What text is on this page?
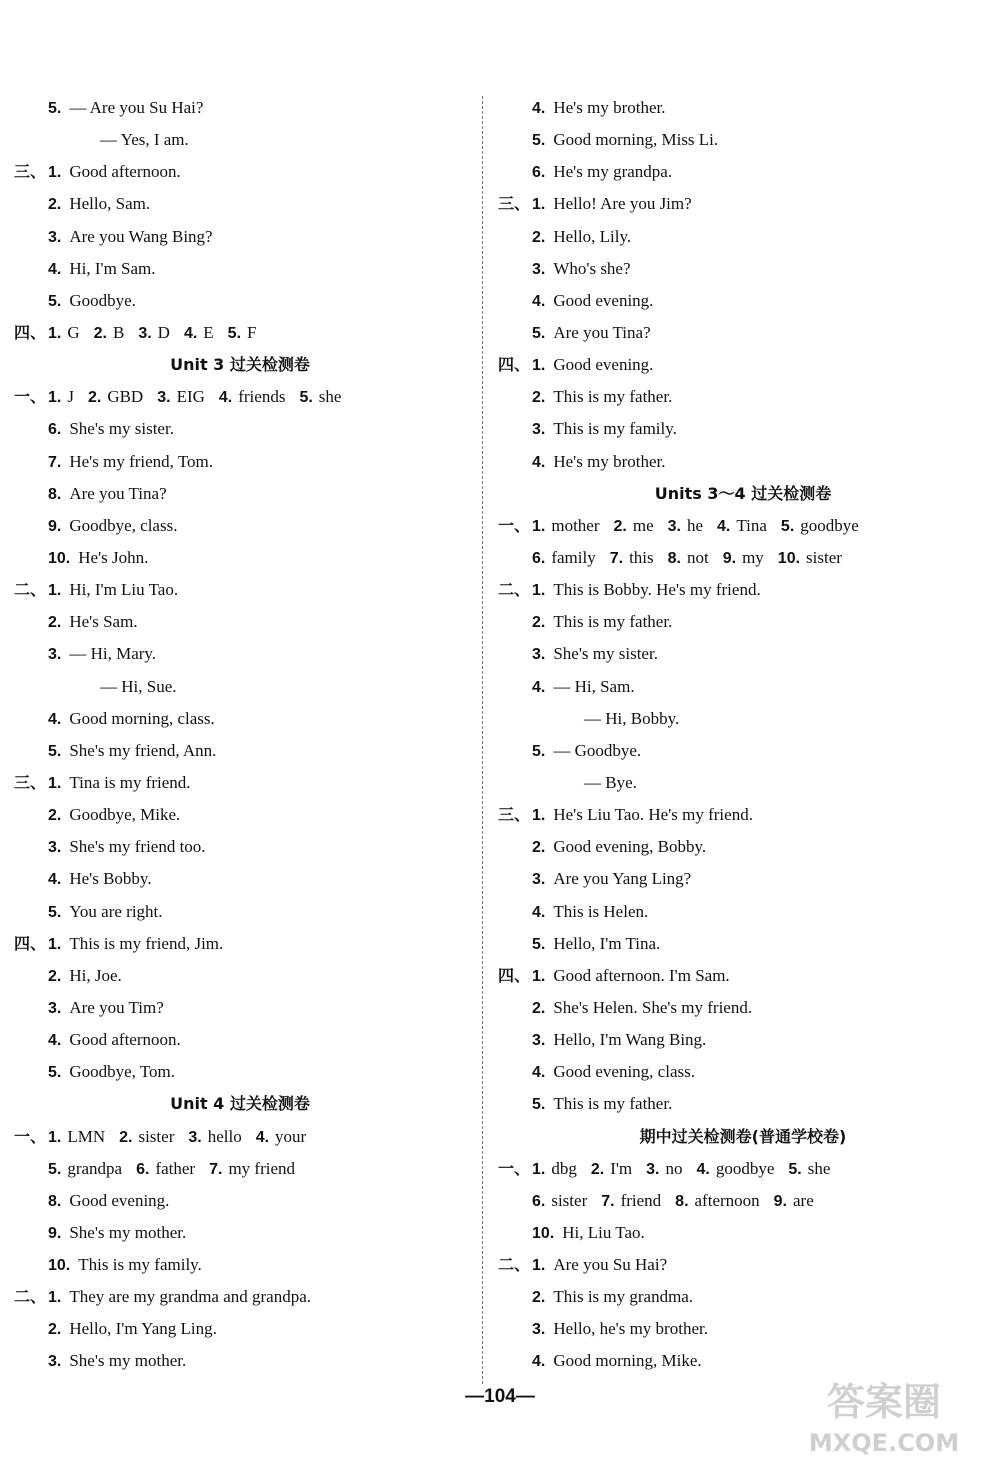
5. — Are you Su Hai?
— Yes, I am.
三、 1. Good afternoon.
2. Hello, Sam.
3. Are you Wang Bing?
4. Hi, I'm Sam.
5. Goodbye.
四、 1. G 2. B 3. D 4. E 5. F
Unit 3 过关检测卷
一、 1. J 2. GBD 3. EIG 4. friends 5. she
6. She's my sister.
7. He's my friend, Tom.
8. Are you Tina?
9. Goodbye, class.
10. He's John.
二、 1. Hi, I'm Liu Tao.
2. He's Sam.
3. — Hi, Mary.
— Hi, Sue.
4. Good morning, class.
5. She's my friend, Ann.
三、 1. Tina is my friend.
2. Goodbye, Mike.
3. She's my friend too.
4. He's Bobby.
5. You are right.
四、 1. This is my friend, Jim.
2. Hi, Joe.
3. Are you Tim?
4. Good afternoon.
5. Goodbye, Tom.
Unit 4 过关检测卷
一、 1. LMN 2. sister 3. hello 4. your
5. grandpa 6. father 7. my friend
8. Good evening.
9. She's my mother.
10. This is my family.
二、 1. They are my grandma and grandpa.
2. Hello, I'm Yang Ling.
3. She's my mother.
4. He's my brother.
5. Good morning, Miss Li.
6. He's my grandpa.
三、 1. Hello! Are you Jim?
2. Hello, Lily.
3. Who's she?
4. Good evening.
5. Are you Tina?
四、 1. Good evening.
2. This is my father.
3. This is my family.
4. He's my brother.
Units 3～4 过关检测卷
一、 1. mother 2. me 3. he 4. Tina 5. goodbye
6. family 7. this 8. not 9. my 10. sister
二、 1. This is Bobby. He's my friend.
2. This is my father.
3. She's my sister.
4. — Hi, Sam.
— Hi, Bobby.
5. — Goodbye.
— Bye.
三、 1. He's Liu Tao. He's my friend.
2. Good evening, Bobby.
3. Are you Yang Ling?
4. This is Helen.
5. Hello, I'm Tina.
四、 1. Good afternoon. I'm Sam.
2. She's Helen. She's my friend.
3. Hello, I'm Wang Bing.
4. Good evening, class.
5. This is my father.
期中过关检测卷(普通学校卷)
一、 1. dbg 2. I'm 3. no 4. goodbye 5. she
6. sister 7. friend 8. afternoon 9. are
10. Hi, Liu Tao.
二、 1. Are you Su Hai?
2. This is my grandma.
3. Hello, he's my brother.
4. Good morning, Mike.
—104—	答案圈
MXQE.COM
